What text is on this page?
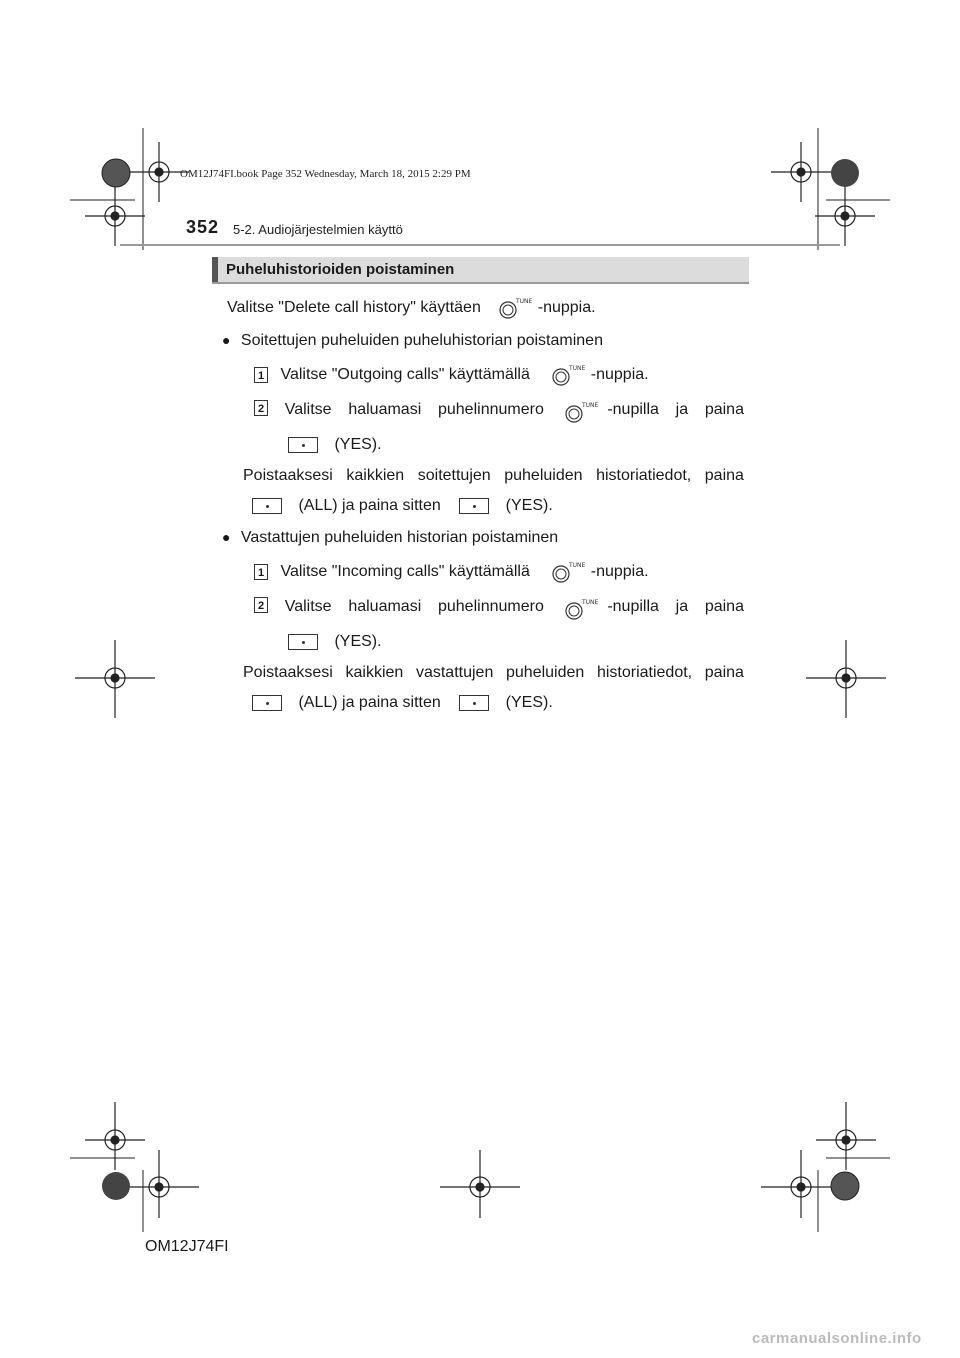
OM12J74FI.book Page 352 Wednesday, March 18, 2015 2:29 PM
352 5-2. Audiojärjestelmien käyttö
Puheluhistorioiden poistaminen
Valitse "Delete call history" käyttäen	TUNE -nuppia.
● Soitettujen puheluiden puheluhistorian poistaminen
1 Valitse "Outgoing calls" käyttämällä	TUNE -nuppia.
2 Valitse haluamasi puhelinnumero	TUNE -nupilla ja paina
(YES).
Poistaaksesi kaikkien soitettujen puheluiden historiatiedot, paina
(ALL) ja paina sitten	(YES).
● Vastattujen puheluiden historian poistaminen
1 Valitse "Incoming calls" käyttämällä	TUNE -nuppia.
2 Valitse haluamasi puhelinnumero	TUNE -nupilla ja paina
(YES).
Poistaaksesi kaikkien vastattujen puheluiden historiatiedot, paina
(ALL) ja paina sitten	(YES).
OM12J74FI
carmanualsonline.info
